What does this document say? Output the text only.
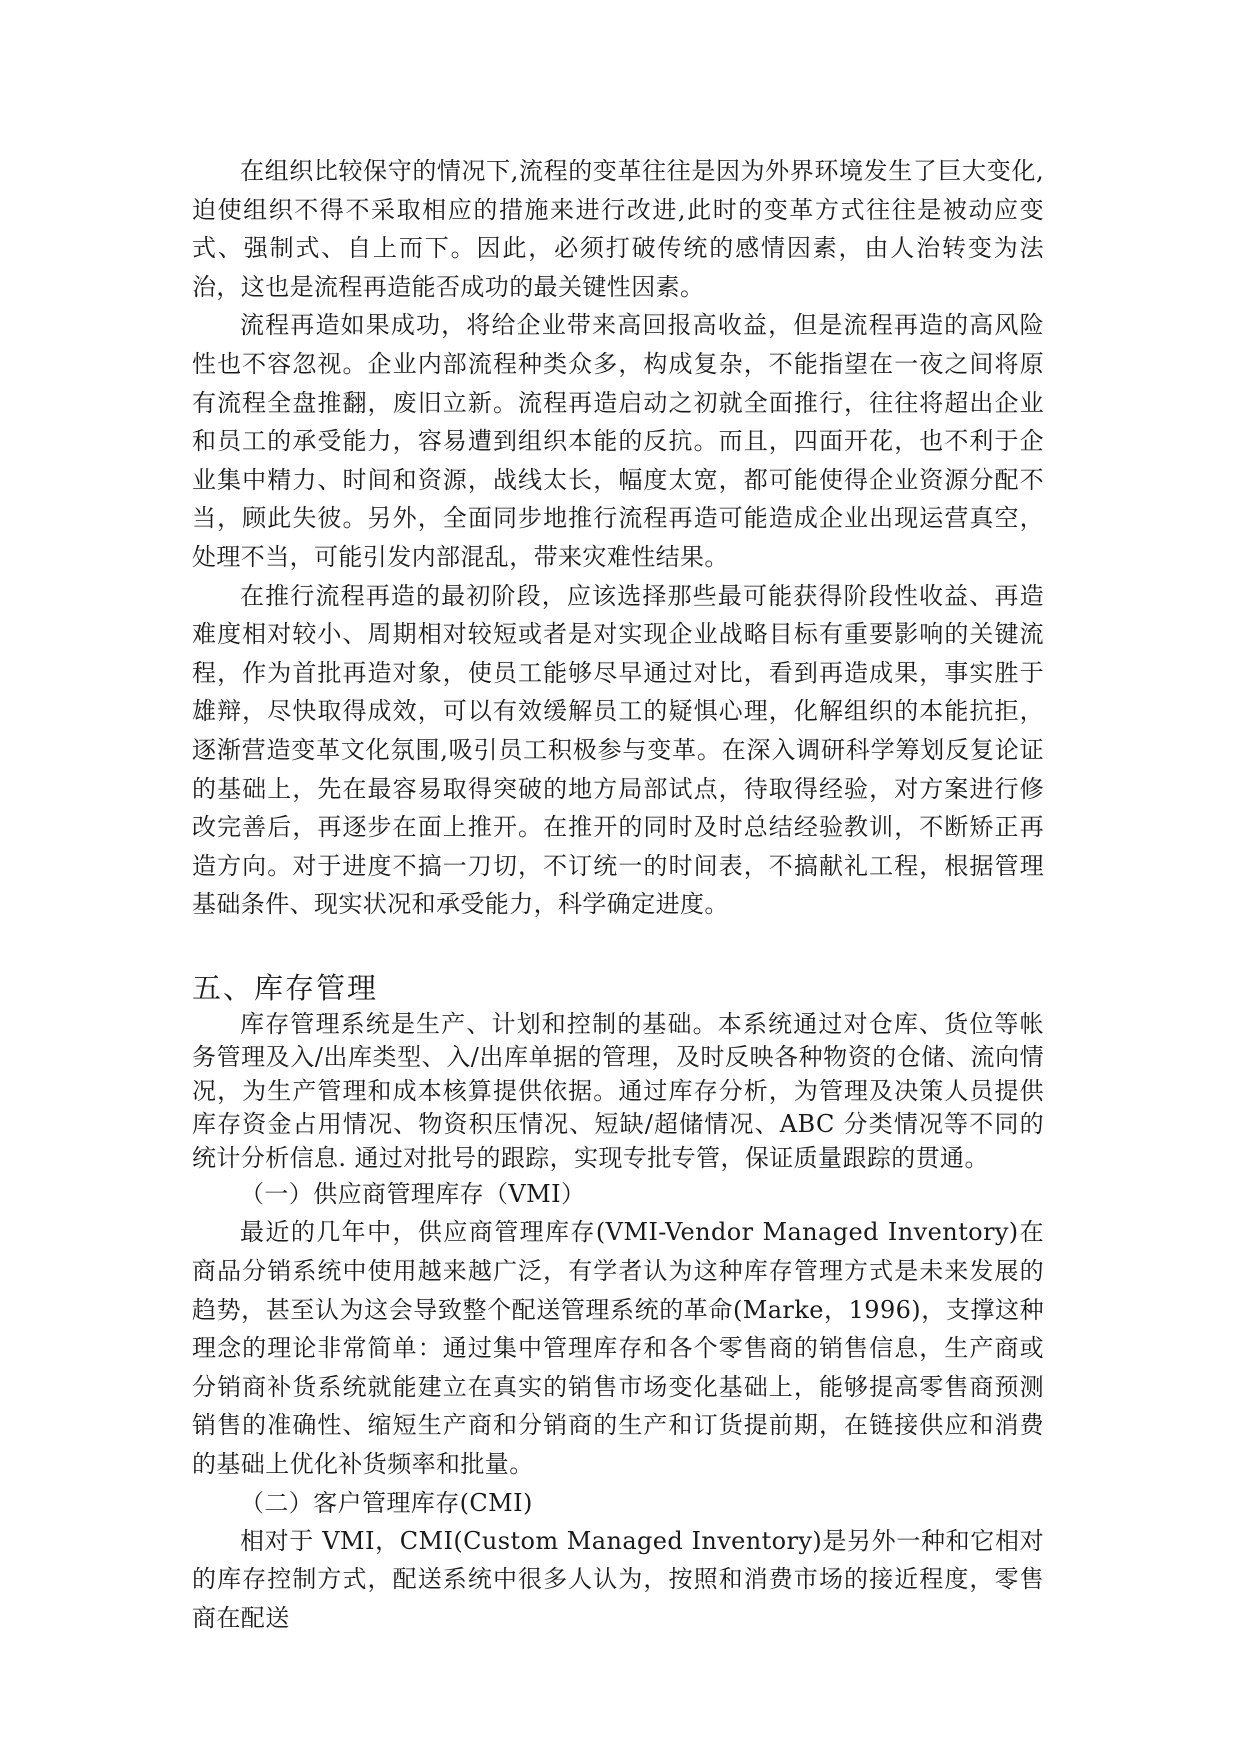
在组织比较保守的情况下,流程的变革往往是因为外界环境发生了巨大变化,迫使组织不得不采取相应的措施来进行改进,此时的变革方式往往是被动应变式、强制式、自上而下。因此，必须打破传统的感情因素，由人治转变为法治，这也是流程再造能否成功的最关键性因素。

流程再造如果成功，将给企业带来高回报高收益，但是流程再造的高风险性也不容忽视。企业内部流程种类众多，构成复杂，不能指望在一夜之间将原有流程全盘推翻，废旧立新。流程再造启动之初就全面推行，往往将超出企业和员工的承受能力，容易遭到组织本能的反抗。而且，四面开花，也不利于企业集中精力、时间和资源，战线太长，幅度太宽，都可能使得企业资源分配不当，顾此失彼。另外，全面同步地推行流程再造可能造成企业出现运营真空，处理不当，可能引发内部混乱，带来灾难性结果。

在推行流程再造的最初阶段，应该选择那些最可能获得阶段性收益、再造难度相对较小、周期相对较短或者是对实现企业战略目标有重要影响的关键流程，作为首批再造对象，使员工能够尽早通过对比，看到再造成果，事实胜于雄辩，尽快取得成效，可以有效缓解员工的疑惧心理，化解组织的本能抗拒，逐渐营造变革文化氛围,吸引员工积极参与变革。在深入调研科学筹划反复论证的基础上，先在最容易取得突破的地方局部试点，待取得经验，对方案进行修改完善后，再逐步在面上推开。在推开的同时及时总结经验教训，不断矫正再造方向。对于进度不搞一刀切，不订统一的时间表，不搞献礼工程，根据管理基础条件、现实状况和承受能力，科学确定进度。

五、库存管理

库存管理系统是生产、计划和控制的基础。本系统通过对仓库、货位等帐务管理及入/出库类型、入/出库单据的管理，及时反映各种物资的仓储、流向情况，为生产管理和成本核算提供依据。通过库存分析，为管理及决策人员提供库存资金占用情况、物资积压情况、短缺/超储情况、ABC 分类情况等不同的统计分析信息. 通过对批号的跟踪，实现专批专管，保证质量跟踪的贯通。

（一）供应商管理库存（VMI）

最近的几年中，供应商管理库存(VMI-Vendor Managed Inventory)在商品分销系统中使用越来越广泛，有学者认为这种库存管理方式是未来发展的趋势，甚至认为这会导致整个配送管理系统的革命(Marke，1996)，支撑这种理念的理论非常简单：通过集中管理库存和各个零售商的销售信息，生产商或分销商补货系统就能建立在真实的销售市场变化基础上，能够提高零售商预测销售的准确性、缩短生产商和分销商的生产和订货提前期，在链接供应和消费的基础上优化补货频率和批量。

（二）客户管理库存(CMI)

相对于 VMI，CMI(Custom Managed Inventory)是另外一种和它相对的库存控制方式，配送系统中很多人认为，按照和消费市场的接近程度，零售商在配送
